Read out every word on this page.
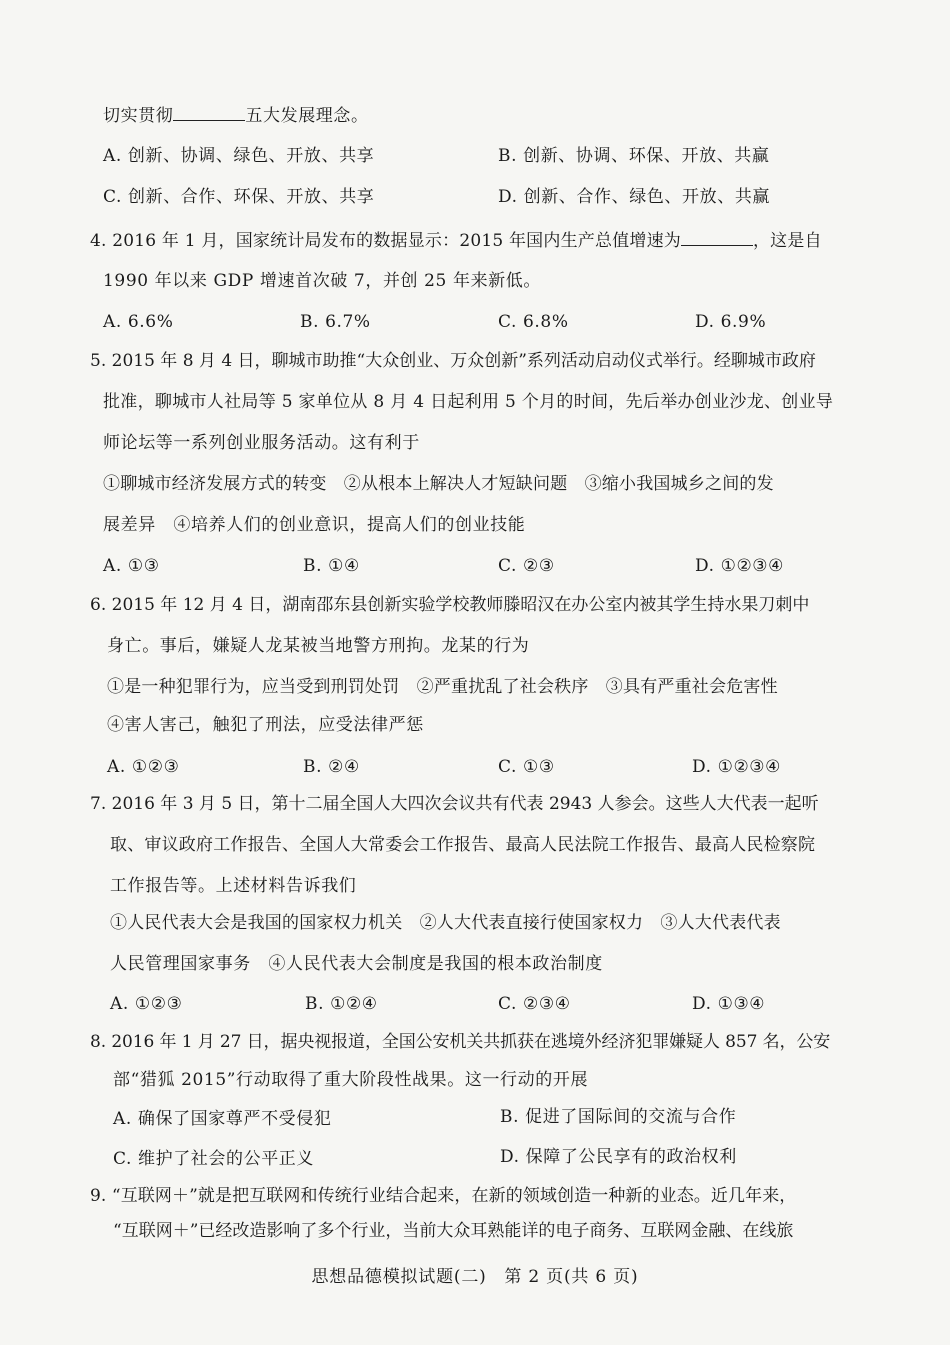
切实贯彻	五大发展理念。
A. 创新、协调、绿色、开放、共享	B. 创新、协调、环保、开放、共赢
C. 创新、合作、环保、开放、共享	D. 创新、合作、绿色、开放、共赢
4. 2016 年 1 月，国家统计局发布的数据显示：2015 年国内生产总值增速为	，这是自
1990 年以来 GDP 增速首次破 7，并创 25 年来新低。
A. 6.6%	B. 6.7%	C. 6.8%	D. 6.9%
5. 2015 年 8 月 4 日，聊城市助推“大众创业、万众创新”系列活动启动仪式举行。经聊城市政府
批准，聊城市人社局等 5 家单位从 8 月 4 日起利用 5 个月的时间，先后举办创业沙龙、创业导
师论坛等一系列创业服务活动。这有利于
①聊城市经济发展方式的转变　②从根本上解决人才短缺问题　③缩小我国城乡之间的发
展差异　④培养人们的创业意识，提高人们的创业技能
A. ①③	B. ①④	C. ②③	D. ①②③④
6. 2015 年 12 月 4 日，湖南邵东县创新实验学校教师滕昭汉在办公室内被其学生持水果刀刺中
身亡。事后，嫌疑人龙某被当地警方刑拘。龙某的行为
①是一种犯罪行为，应当受到刑罚处罚　②严重扰乱了社会秩序　③具有严重社会危害性
④害人害己，触犯了刑法，应受法律严惩
A. ①②③	B. ②④	C. ①③	D. ①②③④
7. 2016 年 3 月 5 日，第十二届全国人大四次会议共有代表 2943 人参会。这些人大代表一起听
取、审议政府工作报告、全国人大常委会工作报告、最高人民法院工作报告、最高人民检察院
工作报告等。上述材料告诉我们
①人民代表大会是我国的国家权力机关　②人大代表直接行使国家权力　③人大代表代表
人民管理国家事务　④人民代表大会制度是我国的根本政治制度
A. ①②③	B. ①②④	C. ②③④	D. ①③④
8. 2016 年 1 月 27 日，据央视报道，全国公安机关共抓获在逃境外经济犯罪嫌疑人 857 名，公安
部“猎狐 2015”行动取得了重大阶段性战果。这一行动的开展
A. 确保了国家尊严不受侵犯	B. 促进了国际间的交流与合作
C. 维护了社会的公平正义	D. 保障了公民享有的政治权利
9. “互联网＋”就是把互联网和传统行业结合起来，在新的领域创造一种新的业态。近几年来，
“互联网＋”已经改造影响了多个行业，当前大众耳熟能详的电子商务、互联网金融、在线旅
思想品德模拟试题(二)　第 2 页(共 6 页)
